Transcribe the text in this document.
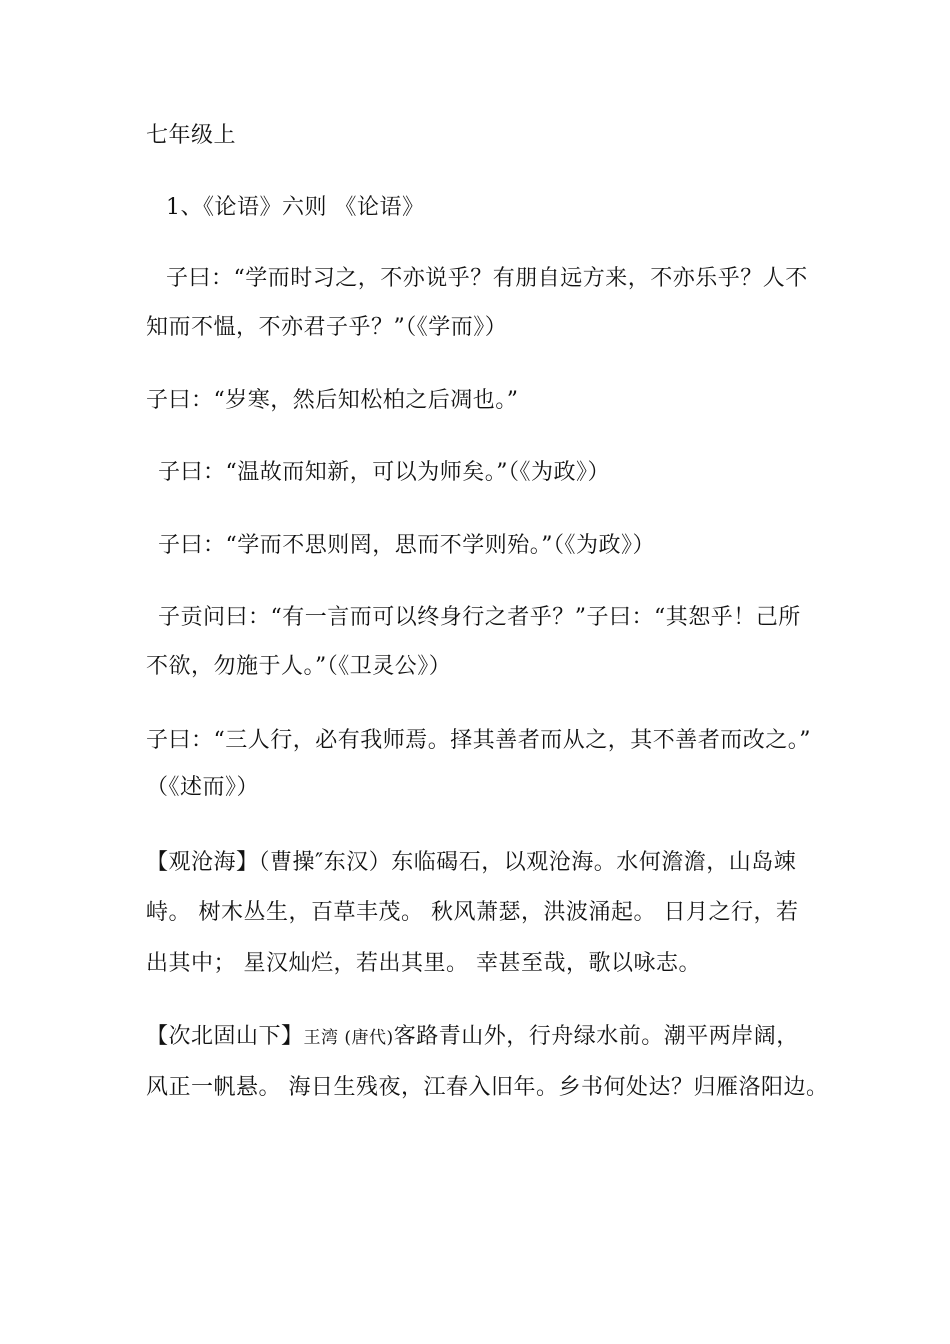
七年级上
1、《论语》六则 《论语》
子曰：“学而时习之，不亦说乎？有朋自远方来，不亦乐乎？人不
知而不愠，不亦君子乎？”（《学而》）
子曰：“岁寒，然后知松柏之后凋也。”
子曰：“温故而知新，可以为师矣。”（《为政》）
子曰：“学而不思则罔，思而不学则殆。”（《为政》）
子贡问曰：“有一言而可以终身行之者乎？”子曰：“其恕乎！己所
不欲，勿施于人。”（《卫灵公》）
子曰：“三人行，必有我师焉。择其善者而从之，其不善者而改之。”
（《述而》）
【观沧海】（曹操″东汉）东临碣石，以观沧海。水何澹澹，山岛竦
峙。 树木丛生，百草丰茂。 秋风萧瑟，洪波涌起。 日月之行，若
出其中； 星汉灿烂，若出其里。 幸甚至哉，歌以咏志。
【次北固山下】王湾 (唐代)客路青山外，行舟绿水前。潮平两岸阔，
风正一帆悬。 海日生残夜，江春入旧年。乡书何处达？归雁洛阳边。
